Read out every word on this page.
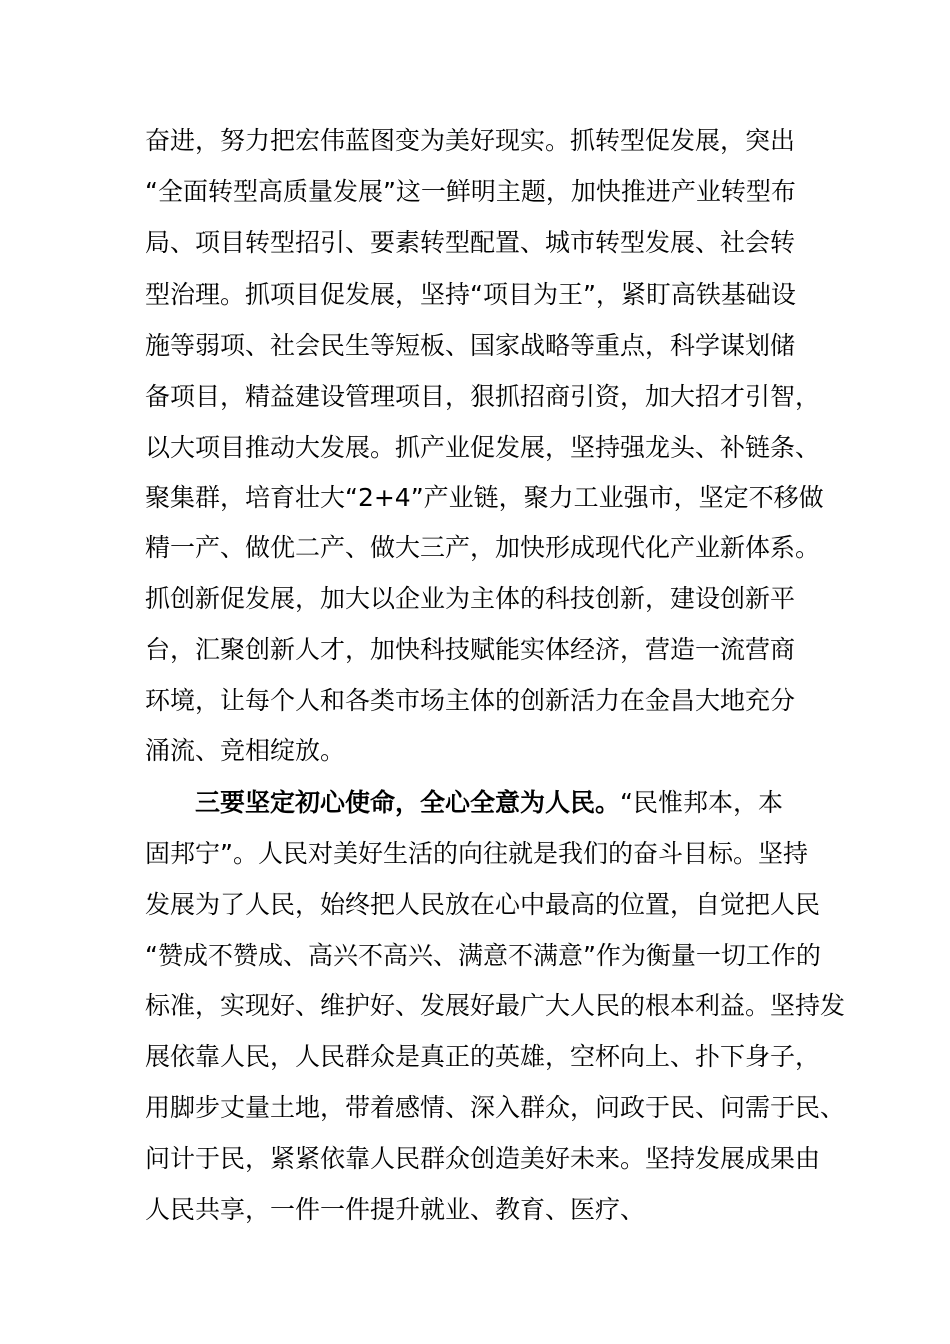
奋进，努力把宏伟蓝图变为美好现实。抓转型促发展，突出
“全面转型高质量发展”这一鲜明主题，加快推进产业转型布
局、项目转型招引、要素转型配置、城市转型发展、社会转
型治理。抓项目促发展，坚持“项目为王”，紧盯高铁基础设
施等弱项、社会民生等短板、国家战略等重点，科学谋划储
备项目，精益建设管理项目，狠抓招商引资，加大招才引智，
以大项目推动大发展。抓产业促发展，坚持强龙头、补链条、
聚集群，培育壮大“2+4”产业链，聚力工业强市，坚定不移做
精一产、做优二产、做大三产，加快形成现代化产业新体系。
抓创新促发展，加大以企业为主体的科技创新，建设创新平
台，汇聚创新人才，加快科技赋能实体经济，营造一流营商
环境，让每个人和各类市场主体的创新活力在金昌大地充分
涌流、竞相绽放。
三要坚定初心使命，全心全意为人民。“民惟邦本，本
固邦宁”。人民对美好生活的向往就是我们的奋斗目标。坚持
发展为了人民，始终把人民放在心中最高的位置，自觉把人民
“赞成不赞成、高兴不高兴、满意不满意”作为衡量一切工作的
标准，实现好、维护好、发展好最广大人民的根本利益。坚持发
展依靠人民，人民群众是真正的英雄，空杯向上、扑下身子，
用脚步丈量土地，带着感情、深入群众，问政于民、问需于民、
问计于民，紧紧依靠人民群众创造美好未来。坚持发展成果由
人民共享，一件一件提升就业、教育、医疗、
